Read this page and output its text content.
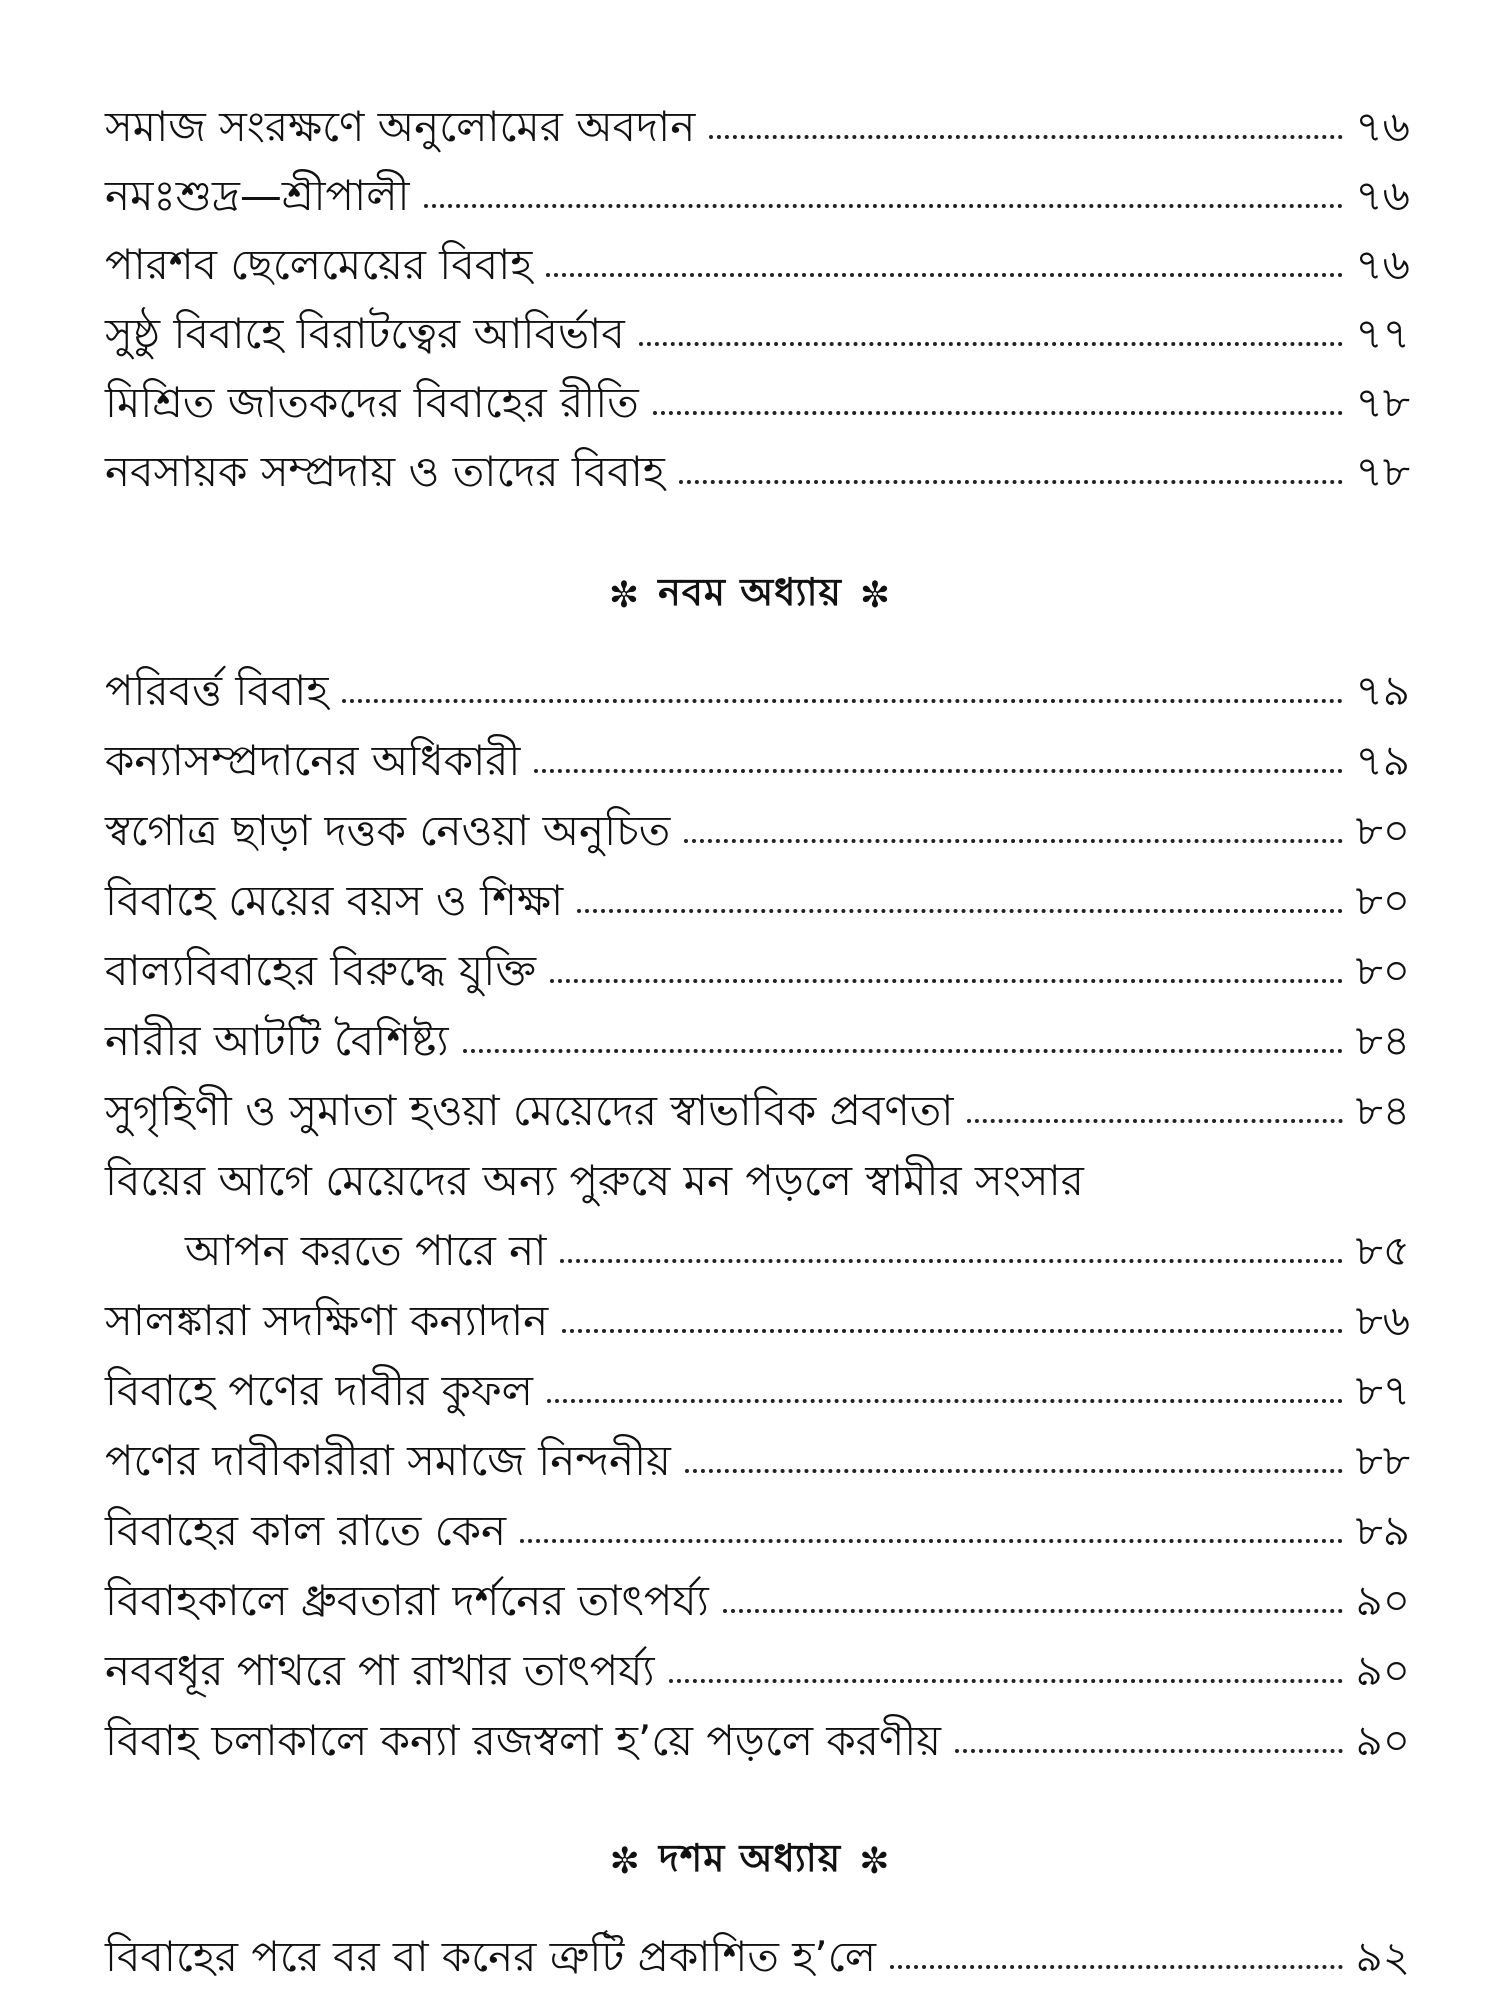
সমাজ সংরক্ষণে অনুলোমের অবদান	৭৬
নমঃশুদ্র—শ্রীপালী	৭৬
পারশব ছেলেমেয়ের বিবাহ	৭৬
সুষ্ঠু বিবাহে বিরাটত্বের আবির্ভাব	৭৭
মিশ্রিত জাতকদের বিবাহের রীতি	৭৮
নবসায়ক সম্প্রদায় ও তাদের বিবাহ	৭৮
✼ নবম অধ্যায় ✼
পরিবর্ত্ত বিবাহ	৭৯
কন্যাসম্প্রদানের অধিকারী	৭৯
স্বগোত্র ছাড়া দত্তক নেওয়া অনুচিত	৮০
বিবাহে মেয়ের বয়স ও শিক্ষা	৮০
বাল্যবিবাহের বিরুদ্ধে যুক্তি	৮০
নারীর আটটি বৈশিষ্ট্য	৮৪
সুগৃহিণী ও সুমাতা হওয়া মেয়েদের স্বাভাবিক প্রবণতা	৮৪
বিয়ের আগে মেয়েদের অন্য পুরুষে মন পড়লে স্বামীর সংসার
আপন করতে পারে না	৮৫
সালঙ্কারা সদক্ষিণা কন্যাদান	৮৬
বিবাহে পণের দাবীর কুফল	৮৭
পণের দাবীকারীরা সমাজে নিন্দনীয়	৮৮
বিবাহের কাল রাতে কেন	৮৯
বিবাহকালে ধ্রুবতারা দর্শনের তাৎপর্য্য	৯০
নববধূর পাথরে পা রাখার তাৎপর্য্য	৯০
বিবাহ চলাকালে কন্যা রজস্বলা হ’য়ে পড়লে করণীয়	৯০
✼ দশম অধ্যায় ✼
বিবাহের পরে বর বা কনের ত্রুটি প্রকাশিত হ’লে	৯২
